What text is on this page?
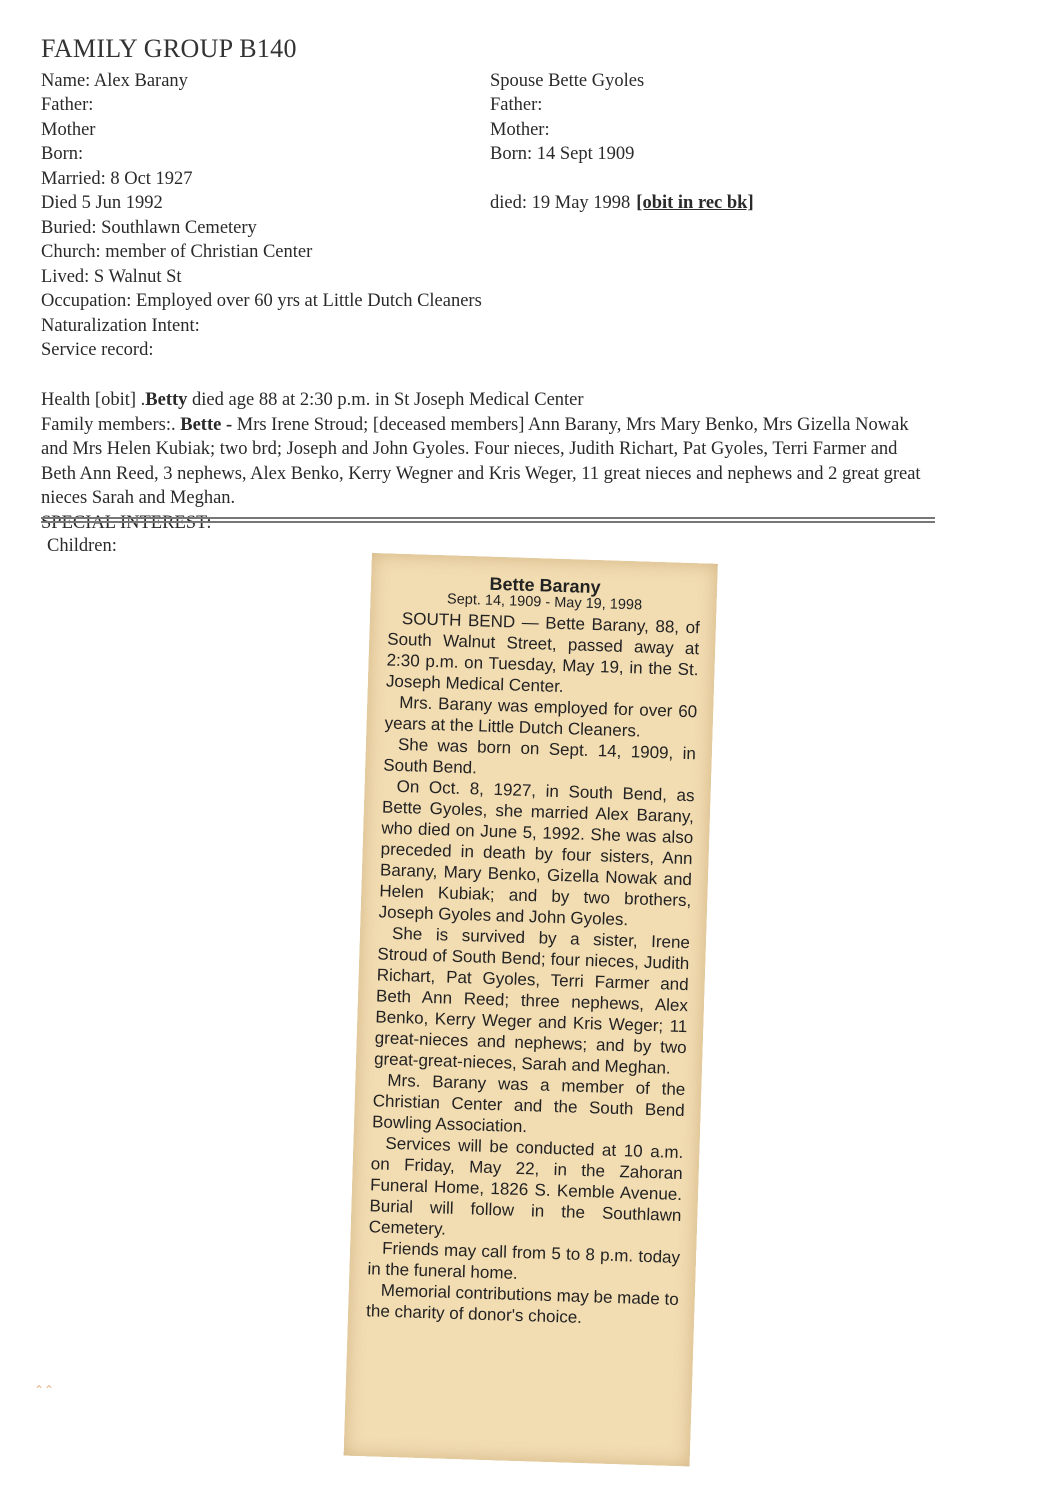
FAMILY GROUP B140
Name: Alex Barany
Father:
Mother
Born:
Married: 8 Oct 1927
Died 5 Jun 1992
Buried: Southlawn Cemetery
Church: member of Christian Center
Lived: S Walnut St
Occupation: Employed over 60 yrs at Little Dutch Cleaners
Naturalization Intent:
Service record:
Spouse Bette Gyoles
Father:
Mother:
Born: 14 Sept 1909
died: 19 May 1998 [obit in rec bk]
Health [obit] .Betty died age 88 at 2:30 p.m. in St Joseph Medical Center
Family members:. Bette - Mrs Irene Stroud; [deceased members] Ann Barany, Mrs Mary Benko, Mrs Gizella Nowak and Mrs Helen Kubiak; two brd; Joseph and John Gyoles. Four nieces, Judith Richart, Pat Gyoles, Terri Farmer and Beth Ann Reed, 3 nephews, Alex Benko, Kerry Wegner and Kris Weger, 11 great nieces and nephews and 2 great great nieces Sarah and Meghan.
SPECIAL INTEREST:
Children:
Bette Barany
Sept. 14, 1909 - May 19, 1998

SOUTH BEND — Bette Barany, 88, of South Walnut Street, passed away at 2:30 p.m. on Tuesday, May 19, in the St. Joseph Medical Center.

Mrs. Barany was employed for over 60 years at the Little Dutch Cleaners.

She was born on Sept. 14, 1909, in South Bend.

On Oct. 8, 1927, in South Bend, as Bette Gyoles, she married Alex Barany, who died on June 5, 1992. She was also preceded in death by four sisters, Ann Barany, Mary Benko, Gizella Nowak and Helen Kubiak; and by two brothers, Joseph Gyoles and John Gyoles.

She is survived by a sister, Irene Stroud of South Bend; four nieces, Judith Richart, Pat Gyoles, Terri Farmer and Beth Ann Reed; three nephews, Alex Benko, Kerry Weger and Kris Weger; 11 great-nieces and nephews; and by two great-great-nieces, Sarah and Meghan.

Mrs. Barany was a member of the Christian Center and the South Bend Bowling Association.

Services will be conducted at 10 a.m. on Friday, May 22, in the Zahoran Funeral Home, 1826 S. Kemble Avenue. Burial will follow in the Southlawn Cemetery.

Friends may call from 5 to 8 p.m. today in the funeral home.

Memorial contributions may be made to the charity of donor's choice.

⌃⌃
